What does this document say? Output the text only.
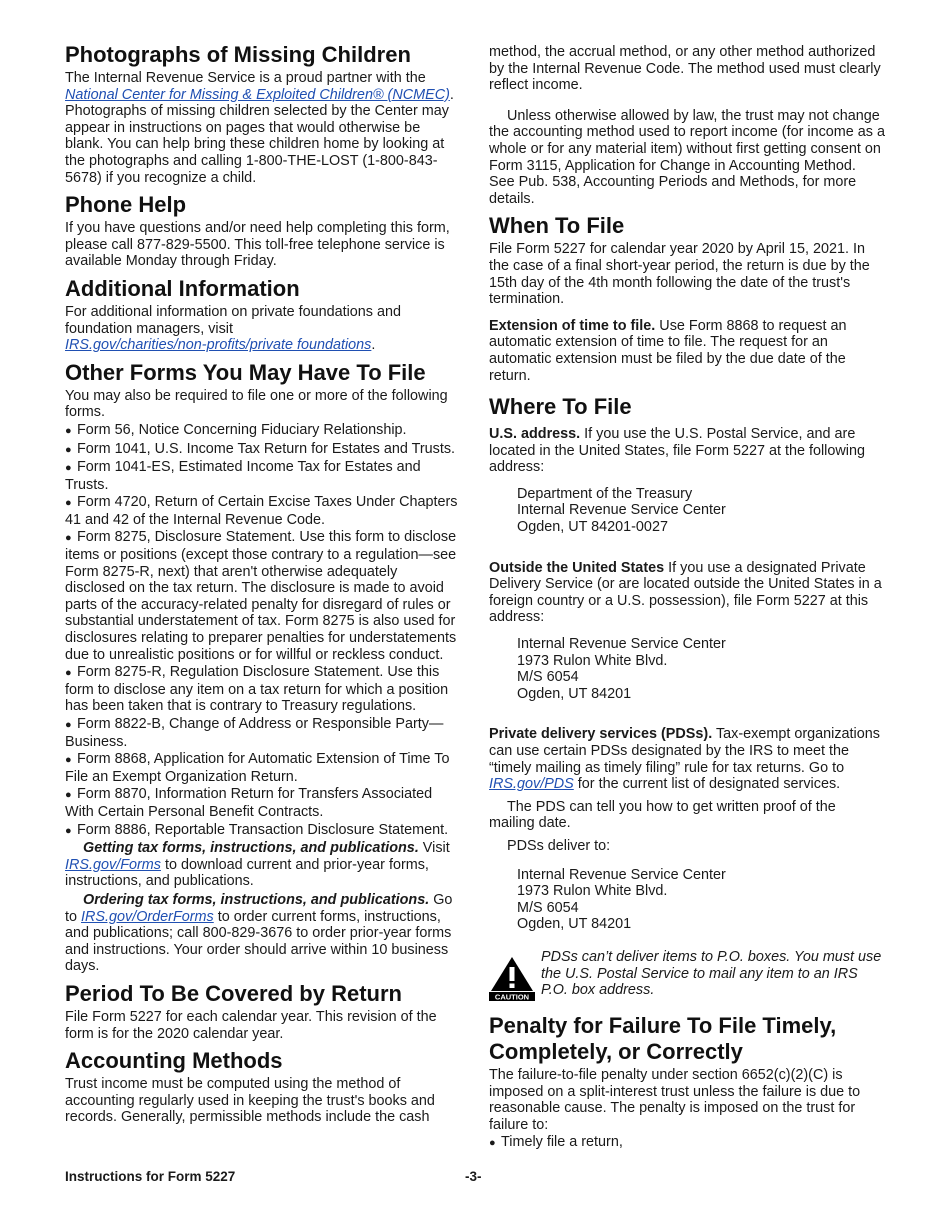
Photographs of Missing Children

The Internal Revenue Service is a proud partner with the National Center for Missing & Exploited Children® (NCMEC). Photographs of missing children selected by the Center may appear in instructions on pages that would otherwise be blank. You can help bring these children home by looking at the photographs and calling 1-800-THE-LOST (1-800-843-5678) if you recognize a child.

Phone Help

If you have questions and/or need help completing this form, please call 877-829-5500. This toll-free telephone service is available Monday through Friday.

Additional Information

For additional information on private foundations and foundation managers, visit
IRS.gov/charities/non-profits/private foundations.

Other Forms You May Have To File

You may also be required to file one or more of the following forms.

● Form 56, Notice Concerning Fiduciary Relationship.
● Form 1041, U.S. Income Tax Return for Estates and Trusts.
● Form 1041-ES, Estimated Income Tax for Estates and Trusts.
● Form 4720, Return of Certain Excise Taxes Under Chapters 41 and 42 of the Internal Revenue Code.
● Form 8275, Disclosure Statement. Use this form to disclose items or positions (except those contrary to a regulation—see Form 8275-R, next) that aren't otherwise adequately disclosed on the tax return. The disclosure is made to avoid parts of the accuracy-related penalty for disregard of rules or substantial understatement of tax. Form 8275 is also used for disclosures relating to preparer penalties for understatements due to unrealistic positions or for willful or reckless conduct.
● Form 8275-R, Regulation Disclosure Statement. Use this form to disclose any item on a tax return for which a position has been taken that is contrary to Treasury regulations.
● Form 8822-B, Change of Address or Responsible Party—Business.
● Form 8868, Application for Automatic Extension of Time To File an Exempt Organization Return.
● Form 8870, Information Return for Transfers Associated With Certain Personal Benefit Contracts.
● Form 8886, Reportable Transaction Disclosure Statement.

Getting tax forms, instructions, and publications. Visit IRS.gov/Forms to download current and prior-year forms, instructions, and publications.

Ordering tax forms, instructions, and publications. Go to IRS.gov/OrderForms to order current forms, instructions, and publications; call 800-829-3676 to order prior-year forms and instructions. Your order should arrive within 10 business days.

Period To Be Covered by Return

File Form 5227 for each calendar year. This revision of the form is for the 2020 calendar year.

Accounting Methods

Trust income must be computed using the method of accounting regularly used in keeping the trust's books and records. Generally, permissible methods include the cash

method, the accrual method, or any other method authorized by the Internal Revenue Code. The method used must clearly reflect income.

Unless otherwise allowed by law, the trust may not change the accounting method used to report income (for income as a whole or for any material item) without first getting consent on Form 3115, Application for Change in Accounting Method. See Pub. 538, Accounting Periods and Methods, for more details.

When To File

File Form 5227 for calendar year 2020 by April 15, 2021. In the case of a final short-year period, the return is due by the 15th day of the 4th month following the date of the trust's termination.

Extension of time to file. Use Form 8868 to request an automatic extension of time to file. The request for an automatic extension must be filed by the due date of the return.

Where To File

U.S. address. If you use the U.S. Postal Service, and are located in the United States, file Form 5227 at the following address:

Department of the Treasury
Internal Revenue Service Center
Ogden, UT 84201-0027

Outside the United States If you use a designated Private Delivery Service (or are located outside the United States in a foreign country or a U.S. possession), file Form 5227 at this address:

Internal Revenue Service Center
1973 Rulon White Blvd.
M/S 6054
Ogden, UT 84201

Private delivery services (PDSs). Tax-exempt organizations can use certain PDSs designated by the IRS to meet the “timely mailing as timely filing” rule for tax returns. Go to IRS.gov/PDS for the current list of designated services.

The PDS can tell you how to get written proof of the mailing date.

PDSs deliver to:

Internal Revenue Service Center
1973 Rulon White Blvd.
M/S 6054
Ogden, UT 84201
CAUTION
PDSs can’t deliver items to P.O. boxes. You must use the U.S. Postal Service to mail any item to an IRS P.O. box address.
Penalty for Failure To File Timely, Completely, or Correctly

The failure-to-file penalty under section 6652(c)(2)(C) is imposed on a split-interest trust unless the failure is due to reasonable cause. The penalty is imposed on the trust for failure to:

● Timely file a return,
Instructions for Form 5227	-3-
